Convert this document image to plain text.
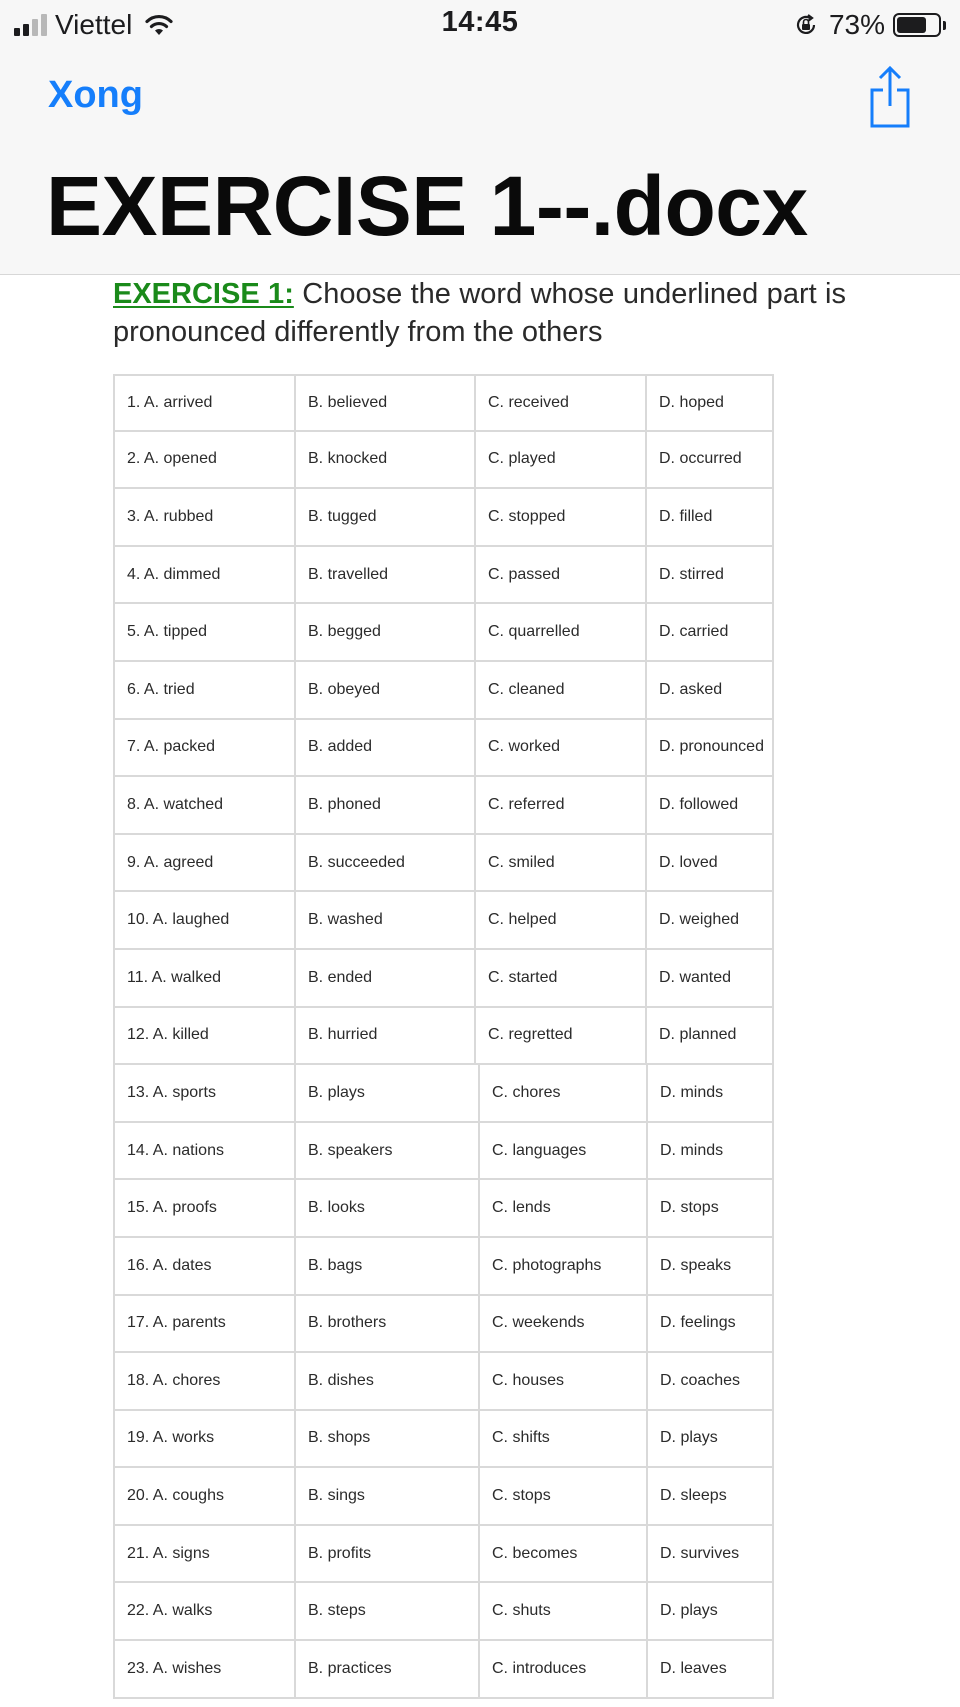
Viettel	14:45	73%
Xong
EXERCISE 1--.docx
EXERCISE 1: Choose the word whose underlined part is pronounced differently from the others
1. A. arrived	B. believed	C. received	D. hoped
2. A. opened	B. knocked	C. played	D. occurred
3. A. rubbed	B. tugged	C. stopped	D. filled
4. A. dimmed	B. travelled	C. passed	D. stirred
5. A. tipped	B. begged	C. quarrelled	D. carried
6. A. tried	B. obeyed	C. cleaned	D. asked
7. A. packed	B. added	C. worked	D. pronounced
8. A. watched	B. phoned	C. referred	D. followed
9. A. agreed	B. succeeded	C. smiled	D. loved
10. A. laughed	B. washed	C. helped	D. weighed
11. A. walked	B. ended	C. started	D. wanted
12. A. killed	B. hurried	C. regretted	D. planned
13. A. sports	B. plays	C. chores	D. minds
14. A. nations	B. speakers	C. languages	D. minds
15. A. proofs	B. looks	C. lends	D. stops
16. A. dates	B. bags	C. photographs	D. speaks
17. A. parents	B. brothers	C. weekends	D. feelings
18. A. chores	B. dishes	C. houses	D. coaches
19. A. works	B. shops	C. shifts	D. plays
20. A. coughs	B. sings	C. stops	D. sleeps
21. A. signs	B. profits	C. becomes	D. survives
22. A. walks	B. steps	C. shuts	D. plays
23. A. wishes	B. practices	C. introduces	D. leaves
